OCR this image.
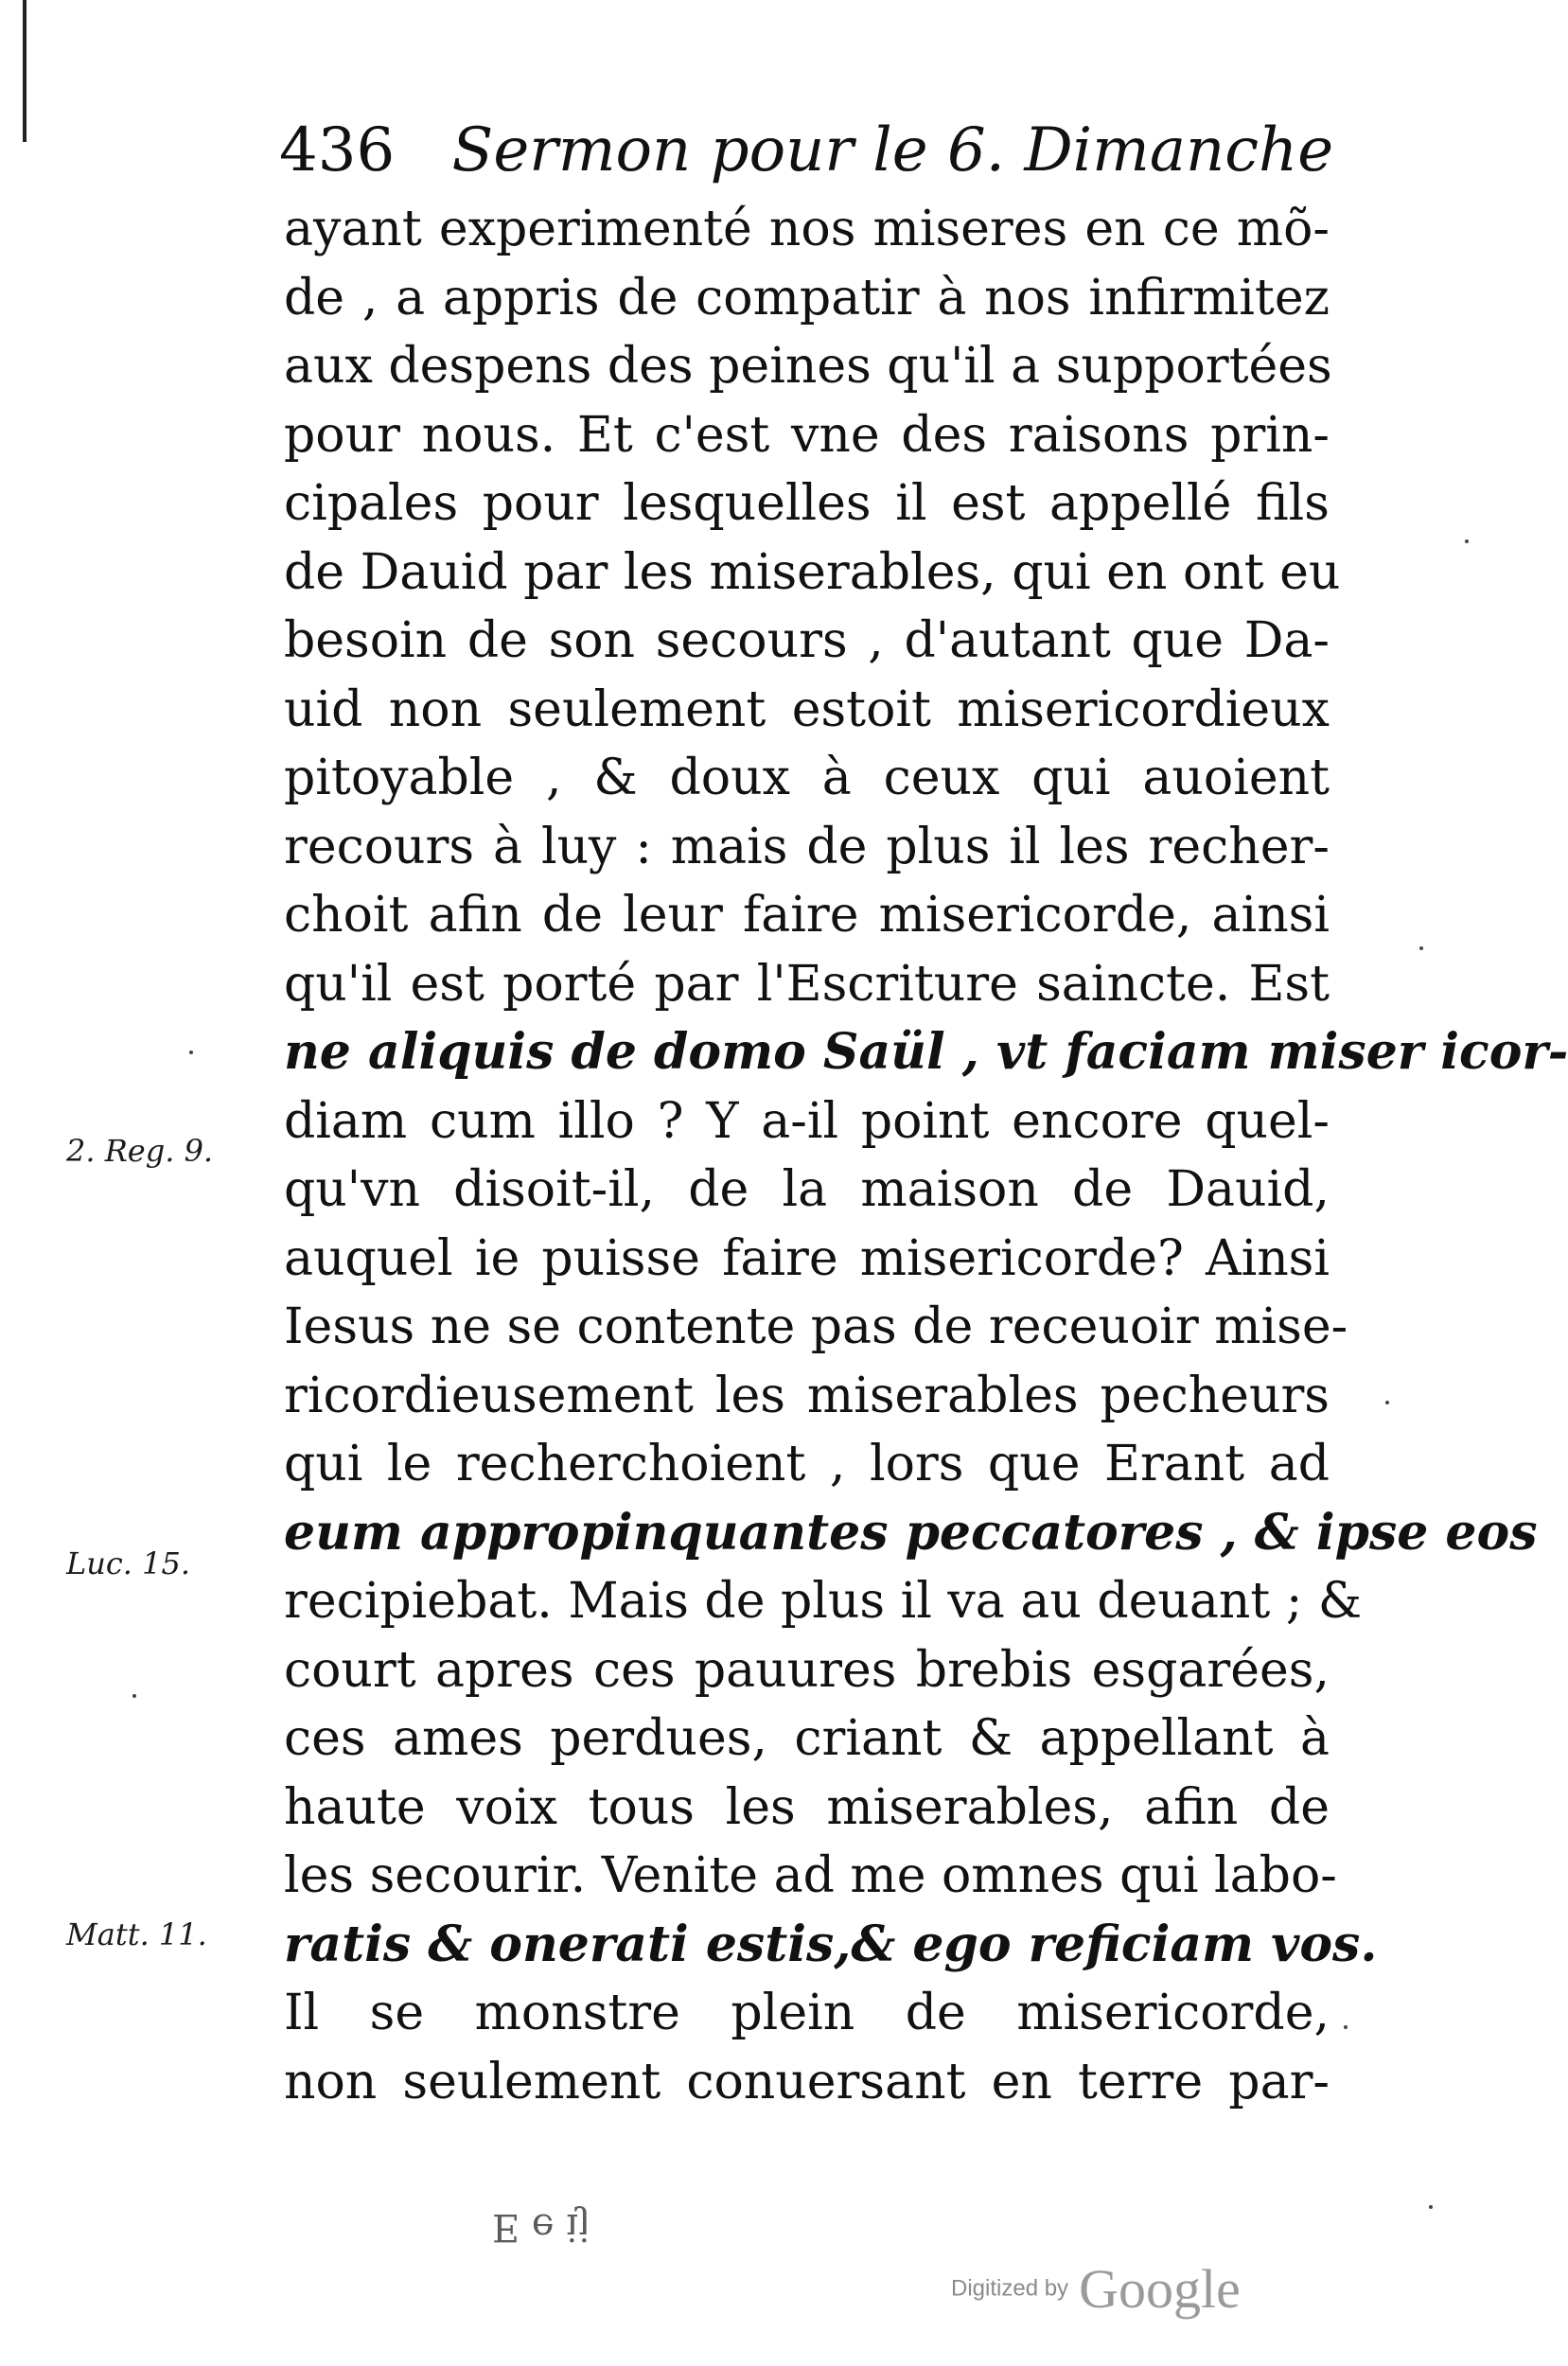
436 Sermon pour le 6. Dimanche
ayant experimenté nos miseres en ce mõ-
de , a appris de compatir à nos infirmitez
aux despens des peines qu'il a supportées
pour nous. Et c'est vne des raisons prin-
cipales pour lesquelles il est appellé fils
de Dauid par les miserables, qui en ont eu
besoin de son secours , d'autant que Da-
uid non seulement estoit misericordieux
pitoyable , & doux à ceux qui auoient
recours à luy : mais de plus il les recher-
choit afin de leur faire misericorde, ainsi
qu'il est porté par l'Escriture saincte. Est
ne aliquis de domo Saül , vt faciam miser icor-
diam cum illo ? Y a-il point encore quel-
qu'vn disoit-il, de la maison de Dauid,
auquel ie puisse faire misericorde? Ainsi
Iesus ne se contente pas de receuoir mise-
ricordieusement les miserables pecheurs
qui le recherchoient , lors que Erant ad
eum appropinquantes peccatores , & ipse eos
recipiebat. Mais de plus il va au deuant ; &
court apres ces pauures brebis esgarées,
ces ames perdues, criant & appellant à
haute voix tous les miserables, afin de
les secourir. Venite ad me omnes qui labo-
ratis & onerati estis,& ego reficiam vos.
Il se monstre plein de misericorde,
non seulement conuersant en terre par-
2. Reg. 9.
Luc. 15.
Matt. 11.
E e ij
Digitized by Google
